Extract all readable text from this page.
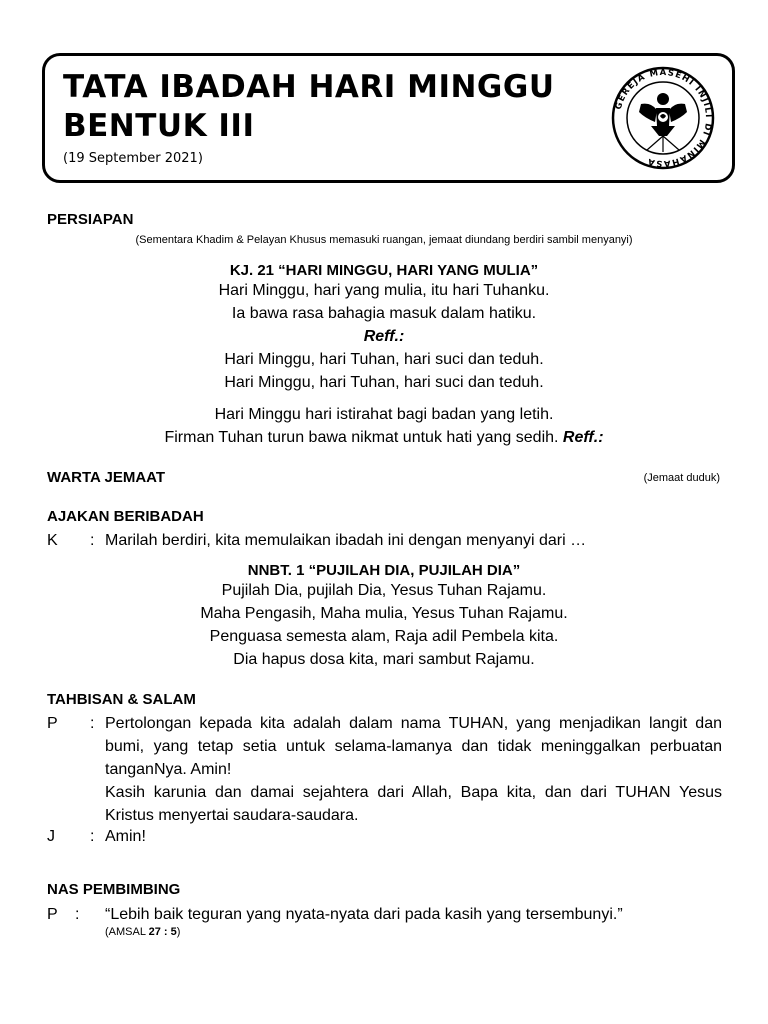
TATA IBADAH HARI MINGGU
BENTUK III
(19 September 2021)
GEREJA MASEHI INJILI DI MINAHASA
PERSIAPAN
(Sementara Khadim & Pelayan Khusus memasuki ruangan, jemaat diundang berdiri sambil menyanyi)
KJ. 21 “HARI MINGGU, HARI YANG MULIA”
Hari Minggu, hari yang mulia, itu hari Tuhanku.
Ia bawa rasa bahagia masuk dalam hatiku.
Reff.:
Hari Minggu, hari Tuhan, hari suci dan teduh.
Hari Minggu, hari Tuhan, hari suci dan teduh.
Hari Minggu hari istirahat bagi badan yang letih.
Firman Tuhan turun bawa nikmat untuk hati yang sedih. Reff.:
WARTA JEMAAT	(Jemaat duduk)
AJAKAN BERIBADAH
K	: Marilah berdiri, kita memulaikan ibadah ini dengan menyanyi dari …
NNBT. 1 “PUJILAH DIA, PUJILAH DIA”
Pujilah Dia, pujilah Dia, Yesus Tuhan Rajamu.
Maha Pengasih, Maha mulia, Yesus Tuhan Rajamu.
Penguasa semesta alam, Raja adil Pembela kita.
Dia hapus dosa kita, mari sambut Rajamu.
TAHBISAN & SALAM
P	: Pertolongan kepada kita adalah dalam nama TUHAN, yang menjadikan langit dan
bumi, yang tetap setia untuk selama-lamanya dan tidak meninggalkan perbuatan
tanganNya. Amin!
Kasih karunia dan damai sejahtera dari Allah, Bapa kita, dan dari TUHAN Yesus
Kristus menyertai saudara-saudara.
J	: Amin!
NAS PEMBIMBING
P	:	“Lebih baik teguran yang nyata-nyata dari pada kasih yang tersembunyi.”
(AMSAL 27 : 5)
